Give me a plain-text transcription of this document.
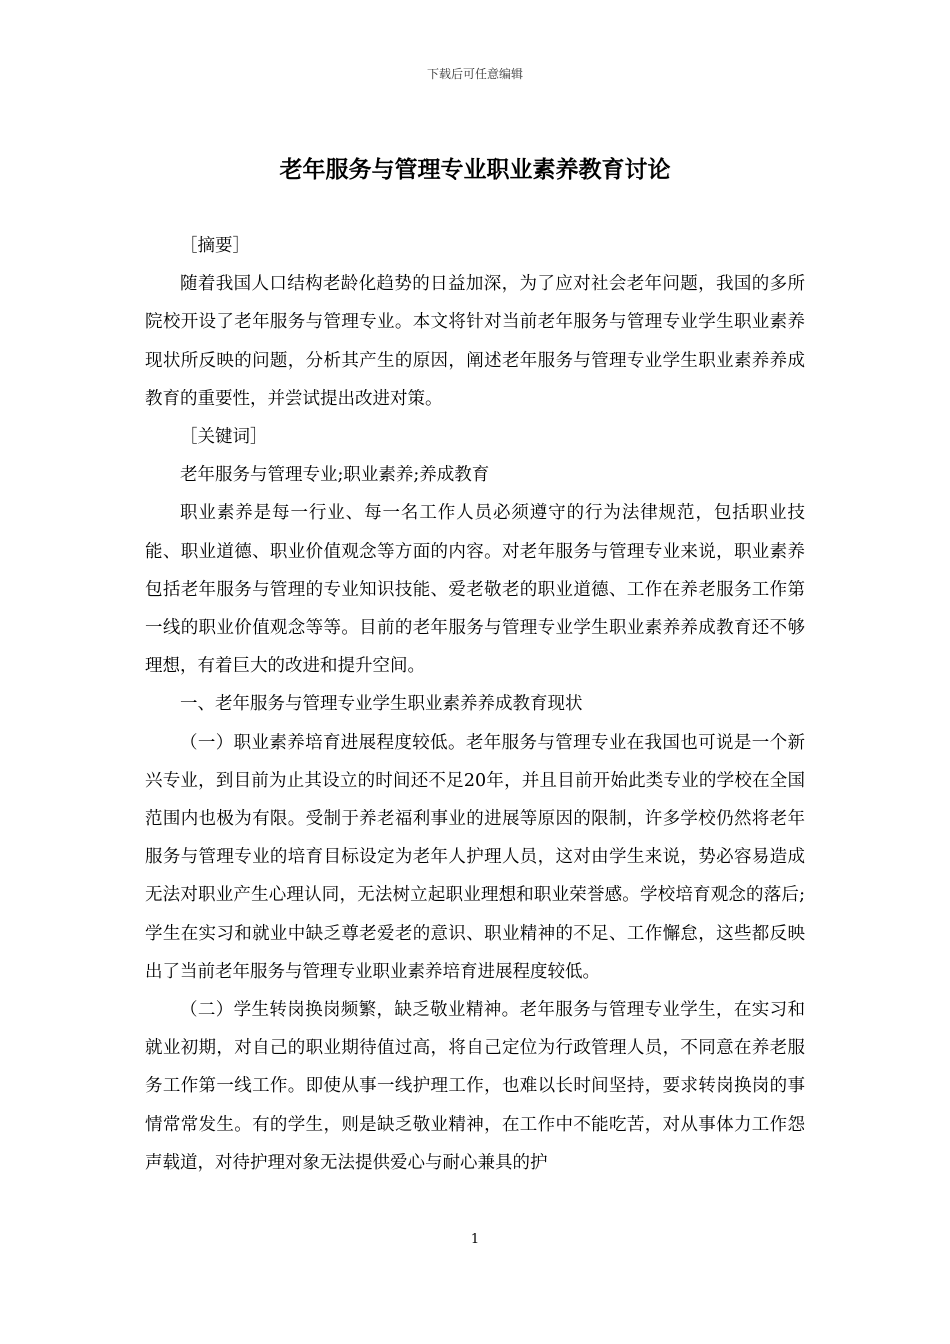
下载后可任意编辑
老年服务与管理专业职业素养教育讨论

［摘要］

随着我国人口结构老龄化趋势的日益加深，为了应对社会老年问题，我国的多所院校开设了老年服务与管理专业。本文将针对当前老年服务与管理专业学生职业素养现状所反映的问题，分析其产生的原因，阐述老年服务与管理专业学生职业素养养成教育的重要性，并尝试提出改进对策。

［关键词］

老年服务与管理专业;职业素养;养成教育

职业素养是每一行业、每一名工作人员必须遵守的行为法律规范，包括职业技能、职业道德、职业价值观念等方面的内容。对老年服务与管理专业来说，职业素养包括老年服务与管理的专业知识技能、爱老敬老的职业道德、工作在养老服务工作第一线的职业价值观念等等。目前的老年服务与管理专业学生职业素养养成教育还不够理想，有着巨大的改进和提升空间。

一、老年服务与管理专业学生职业素养养成教育现状

（一）职业素养培育进展程度较低。老年服务与管理专业在我国也可说是一个新兴专业，到目前为止其设立的时间还不足20年，并且目前开始此类专业的学校在全国范围内也极为有限。受制于养老福利事业的进展等原因的限制，许多学校仍然将老年服务与管理专业的培育目标设定为老年人护理人员，这对由学生来说，势必容易造成无法对职业产生心理认同，无法树立起职业理想和职业荣誉感。学校培育观念的落后;学生在实习和就业中缺乏尊老爱老的意识、职业精神的不足、工作懈怠，这些都反映出了当前老年服务与管理专业职业素养培育进展程度较低。

（二）学生转岗换岗频繁，缺乏敬业精神。老年服务与管理专业学生，在实习和就业初期，对自己的职业期待值过高，将自己定位为行政管理人员，不同意在养老服务工作第一线工作。即使从事一线护理工作，也难以长时间坚持，要求转岗换岗的事情常常发生。有的学生，则是缺乏敬业精神，在工作中不能吃苦，对从事体力工作怨声载道，对待护理对象无法提供爱心与耐心兼具的护

1
